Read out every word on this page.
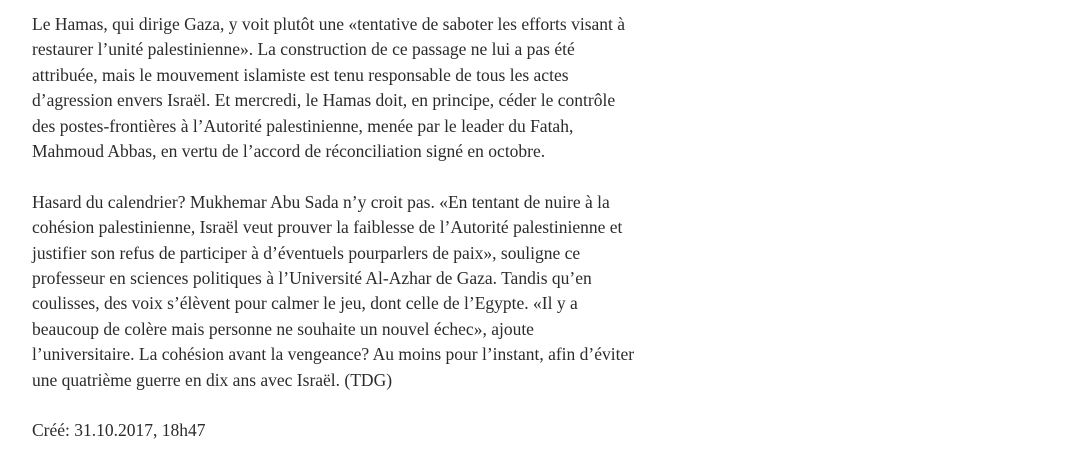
Le Hamas, qui dirige Gaza, y voit plutôt une «tentative de saboter les efforts visant à
restaurer l’unité palestinienne». La construction de ce passage ne lui a pas été
attribuée, mais le mouvement islamiste est tenu responsable de tous les actes
d’agression envers Israël. Et mercredi, le Hamas doit, en principe, céder le contrôle
des postes-frontières à l’Autorité palestinienne, menée par le leader du Fatah,
Mahmoud Abbas, en vertu de l’accord de réconciliation signé en octobre.

Hasard du calendrier? Mukhemar Abu Sada n’y croit pas. «En tentant de nuire à la
cohésion palestinienne, Israël veut prouver la faiblesse de l’Autorité palestinienne et
justifier son refus de participer à d’éventuels pourparlers de paix», souligne ce
professeur en sciences politiques à l’Université Al-Azhar de Gaza. Tandis qu’en
coulisses, des voix s’élèvent pour calmer le jeu, dont celle de l’Egypte. «Il y a
beaucoup de colère mais personne ne souhaite un nouvel échec», ajoute
l’universitaire. La cohésion avant la vengeance? Au moins pour l’instant, afin d’éviter
une quatrième guerre en dix ans avec Israël. (TDG)

Créé: 31.10.2017, 18h47
